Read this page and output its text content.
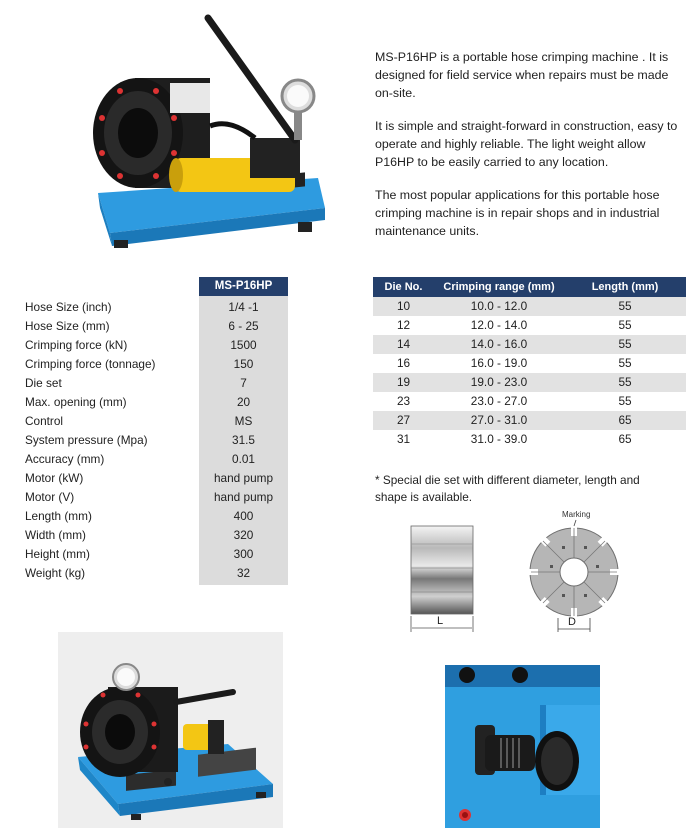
MS-P16HP is a portable hose crimping machine . It is designed for field service when repairs must be made on-site.

It is simple and straight-forward in construction, easy to operate and highly reliable. The light weight allow P16HP to be easily carried to any location.

The most popular applications for this portable hose crimping machine is in repair shops and in industrial maintenance units.

MS-P16HP
Hose Size (inch)	1/4 -1
Hose Size (mm)	6 - 25
Crimping force (kN)	1500
Crimping force (tonnage)	150
Die set	7
Max. opening (mm)	20
Control	MS
System pressure (Mpa)	31.5
Accuracy (mm)	0.01
Motor (kW)	hand pump
Motor (V)	hand pump
Length (mm)	400
Width (mm)	320
Height (mm)	300
Weight (kg)	32
Die No.	Crimping range (mm)	Length (mm)
10	10.0 - 12.0	55
12	12.0 - 14.0	55
14	14.0 - 16.0	55
16	16.0 - 19.0	55
19	19.0 - 23.0	55
23	23.0 - 27.0	55
27	27.0 - 31.0	65
31	31.0 - 39.0	65
* Special die set with different diameter, length and shape is available.
L
Marking
D
